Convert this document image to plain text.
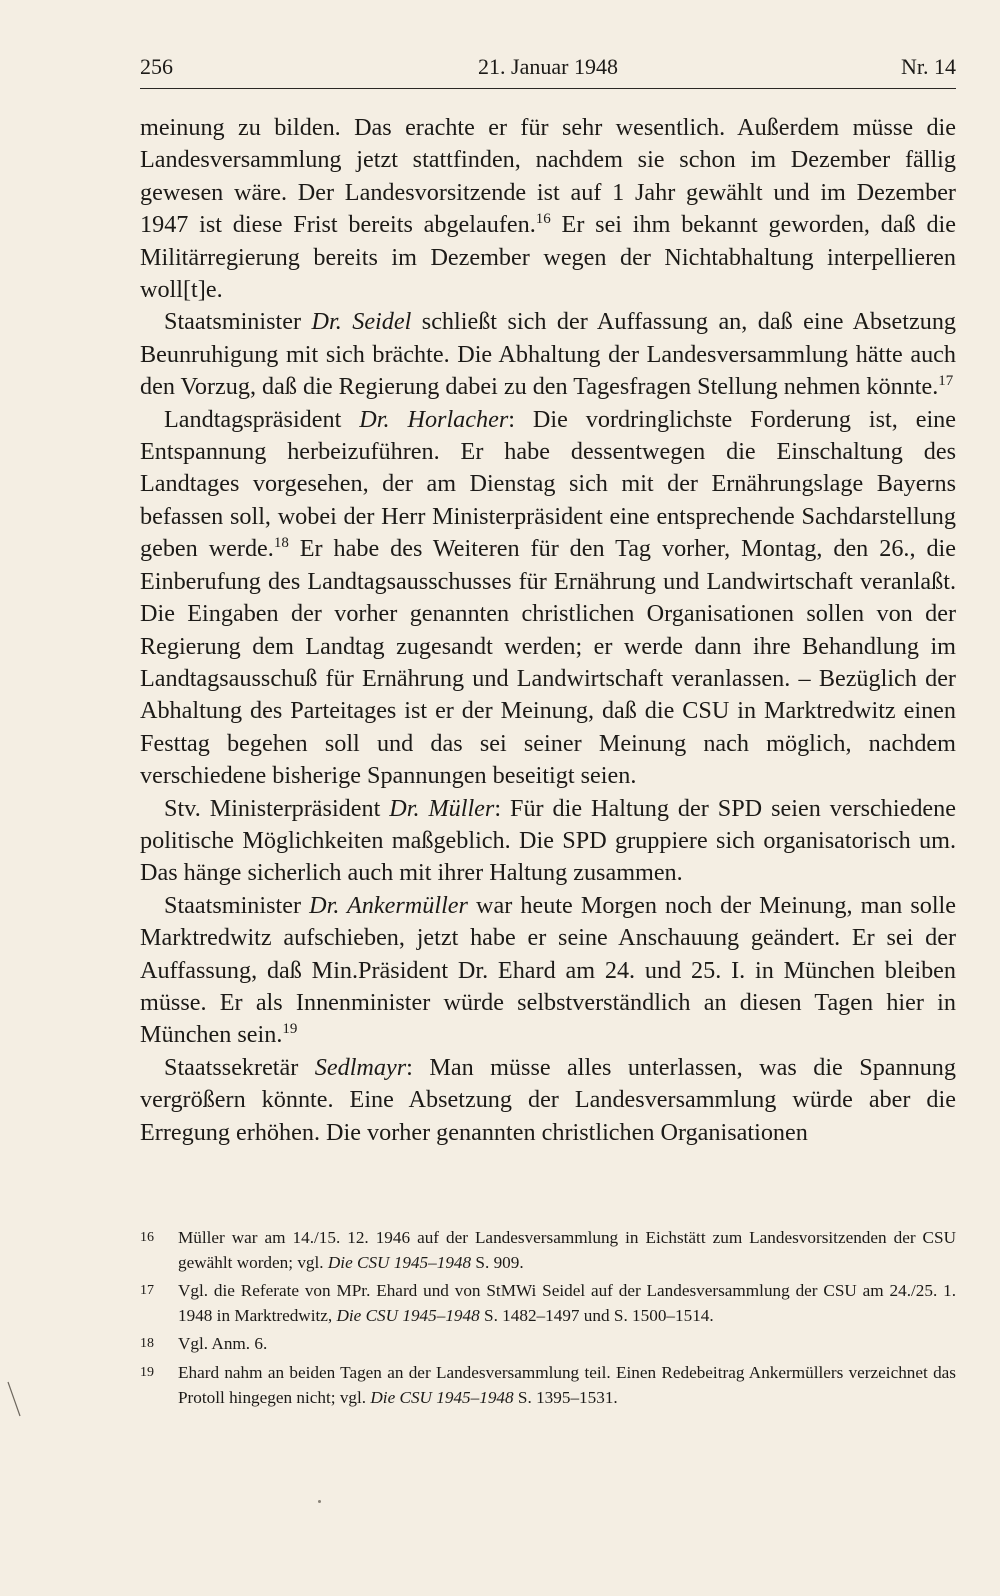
256	21. Januar 1948	Nr. 14

meinung zu bilden. Das erachte er für sehr wesentlich. Außerdem müsse die Landesversammlung jetzt stattfinden, nachdem sie schon im Dezember fällig gewesen wäre. Der Landesvorsitzende ist auf 1 Jahr gewählt und im Dezember 1947 ist diese Frist bereits abgelaufen.$^{16}$ Er sei ihm bekannt geworden, daß die Militärregierung bereits im Dezember wegen der Nichtabhaltung interpellieren woll[t]e.

Staatsminister Dr. Seidel schließt sich der Auffassung an, daß eine Absetzung Beunruhigung mit sich brächte. Die Abhaltung der Landesversammlung hätte auch den Vorzug, daß die Regierung dabei zu den Tagesfragen Stellung nehmen könnte.$^{17}$

Landtagspräsident Dr. Horlacher: Die vordringlichste Forderung ist, eine Entspannung herbeizuführen. Er habe dessentwegen die Einschaltung des Landtages vorgesehen, der am Dienstag sich mit der Ernährungslage Bayerns befassen soll, wobei der Herr Ministerpräsident eine entsprechende Sachdarstellung geben werde.$^{18}$ Er habe des Weiteren für den Tag vorher, Montag, den 26., die Einberufung des Landtagsausschusses für Ernährung und Landwirtschaft veranlaßt. Die Eingaben der vorher genannten christlichen Organisationen sollen von der Regierung dem Landtag zugesandt werden; er werde dann ihre Behandlung im Landtagsausschuß für Ernährung und Landwirtschaft veranlassen. – Bezüglich der Abhaltung des Parteitages ist er der Meinung, daß die CSU in Marktredwitz einen Festtag begehen soll und das sei seiner Meinung nach möglich, nachdem verschiedene bisherige Spannungen beseitigt seien.

Stv. Ministerpräsident Dr. Müller: Für die Haltung der SPD seien verschiedene politische Möglichkeiten maßgeblich. Die SPD gruppiere sich organisatorisch um. Das hänge sicherlich auch mit ihrer Haltung zusammen.

Staatsminister Dr. Ankermüller war heute Morgen noch der Meinung, man solle Marktredwitz aufschieben, jetzt habe er seine Anschauung geändert. Er sei der Auffassung, daß Min.Präsident Dr. Ehard am 24. und 25. I. in München bleiben müsse. Er als Innenminister würde selbstverständlich an diesen Tagen hier in München sein.$^{19}$

Staatssekretär Sedlmayr: Man müsse alles unterlassen, was die Spannung vergrößern könnte. Eine Absetzung der Landesversammlung würde aber die Erregung erhöhen. Die vorher genannten christlichen Organisationen

16 Müller war am 14./15. 12. 1946 auf der Landesversammlung in Eichstätt zum Landesvorsitzenden der CSU gewählt worden; vgl. Die CSU 1945–1948 S. 909.
17 Vgl. die Referate von MPr. Ehard und von StMWi Seidel auf der Landesversammlung der CSU am 24./25. 1. 1948 in Marktredwitz, Die CSU 1945–1948 S. 1482–1497 und S. 1500–1514.
18 Vgl. Anm. 6.
19 Ehard nahm an beiden Tagen an der Landesversammlung teil. Einen Redebeitrag Ankermüllers verzeichnet das Protoll hingegen nicht; vgl. Die CSU 1945–1948 S. 1395–1531.
